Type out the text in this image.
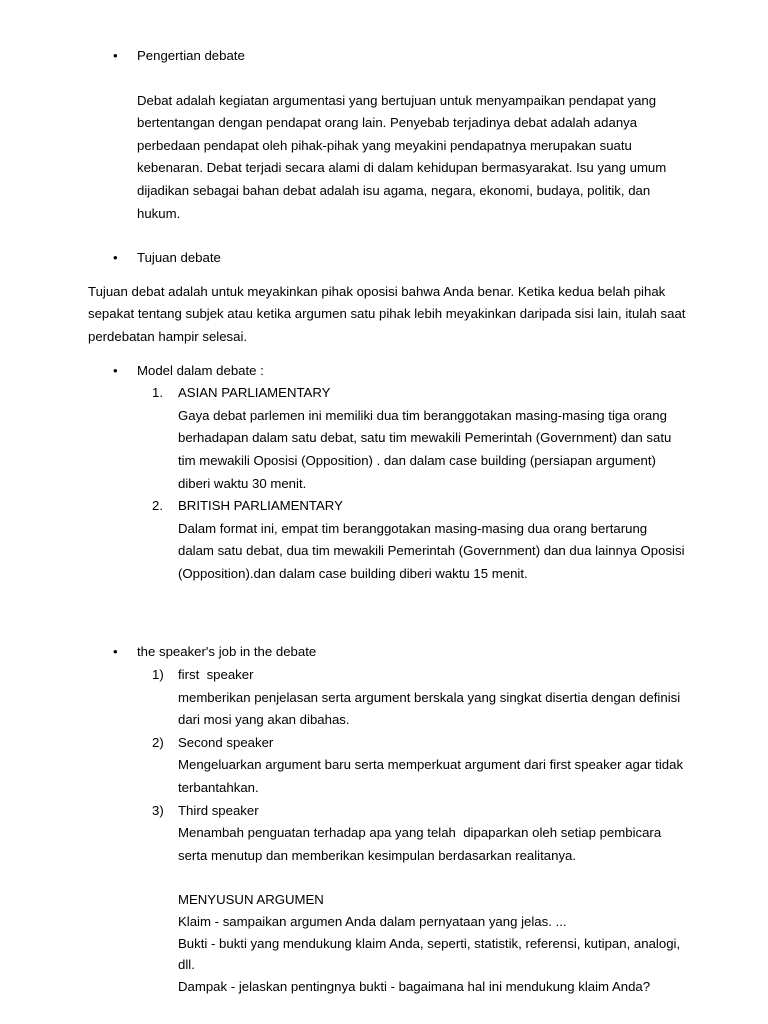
•	Pengertian debate
Debat adalah kegiatan argumentasi yang bertujuan untuk menyampaikan pendapat yang bertentangan dengan pendapat orang lain. Penyebab terjadinya debat adalah adanya perbedaan pendapat oleh pihak-pihak yang meyakini pendapatnya merupakan suatu kebenaran. Debat terjadi secara alami di dalam kehidupan bermasyarakat. Isu yang umum dijadikan sebagai bahan debat adalah isu agama, negara, ekonomi, budaya, politik, dan hukum.
•	Tujuan debate
Tujuan debat adalah untuk meyakinkan pihak oposisi bahwa Anda benar. Ketika kedua belah pihak sepakat tentang subjek atau ketika argumen satu pihak lebih meyakinkan daripada sisi lain, itulah saat perdebatan hampir selesai.
•	Model dalam debate :
1.	ASIAN PARLIAMENTARY
Gaya debat parlemen ini memiliki dua tim beranggotakan masing-masing tiga orang berhadapan dalam satu debat, satu tim mewakili Pemerintah (Government) dan satu tim mewakili Oposisi (Opposition) . dan dalam case building (persiapan argument) diberi waktu 30 menit.
2.	BRITISH PARLIAMENTARY
Dalam format ini, empat tim beranggotakan masing-masing dua orang bertarung dalam satu debat, dua tim mewakili Pemerintah (Government) dan dua lainnya Oposisi (Opposition).dan dalam case building diberi waktu 15 menit.
•	the speaker's job in the debate
1)	first  speaker
memberikan penjelasan serta argument berskala yang singkat disertia dengan definisi dari mosi yang akan dibahas.
2)	Second speaker
Mengeluarkan argument baru serta memperkuat argument dari first speaker agar tidak terbantahkan.
3)	Third speaker
Menambah penguatan terhadap apa yang telah  dipaparkan oleh setiap pembicara serta menutup dan memberikan kesimpulan berdasarkan realitanya.
MENYUSUN ARGUMEN
Klaim - sampaikan argumen Anda dalam pernyataan yang jelas. ...
Bukti - bukti yang mendukung klaim Anda, seperti, statistik, referensi, kutipan, analogi, dll.
Dampak - jelaskan pentingnya bukti - bagaimana hal ini mendukung klaim Anda?
